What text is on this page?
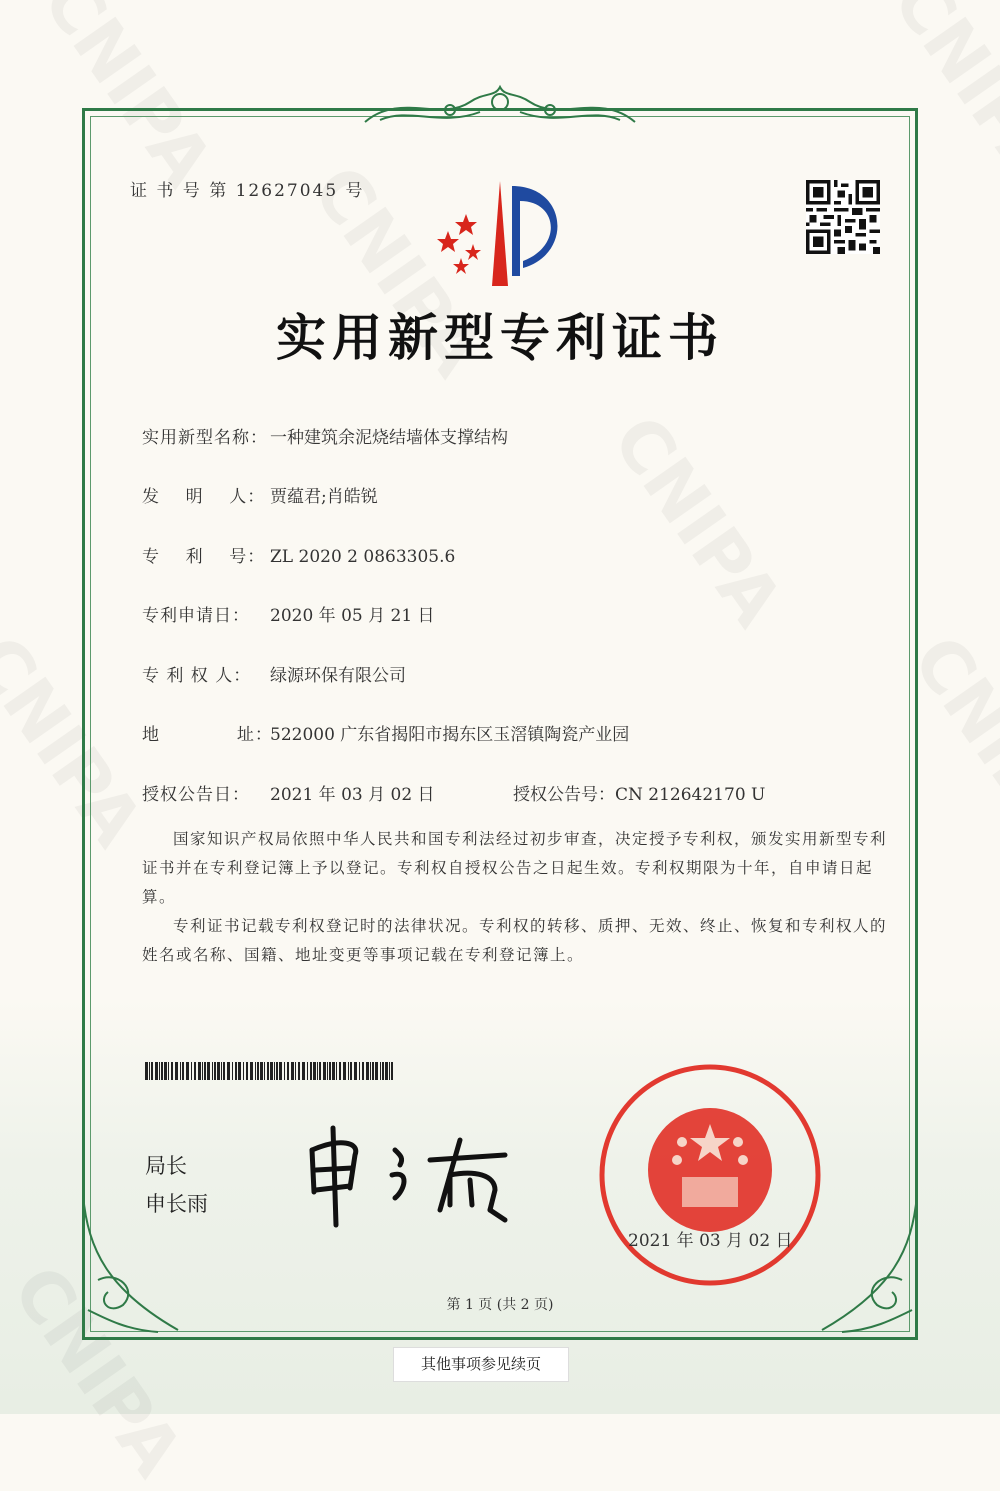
证 书 号 第 12627045 号
实用新型专利证书
实用新型名称： 一种建筑余泥烧结墙体支撑结构
发    明    人： 贾蕴君;肖皓锐
专    利    号： ZL 2020 2 0863305.6
专利申请日： 2020 年 05 月 21 日
专 利 权 人： 绿源环保有限公司
地            址：522000 广东省揭阳市揭东区玉滘镇陶瓷产业园
授权公告日： 2021 年 03 月 02 日	授权公告号：CN 212642170 U

国家知识产权局依照中华人民共和国专利法经过初步审查，决定授予专利权，颁发实用新型专利证书并在专利登记簿上予以登记。专利权自授权公告之日起生效。专利权期限为十年，自申请日起算。

专利证书记载专利权登记时的法律状况。专利权的转移、质押、无效、终止、恢复和专利权人的姓名或名称、国籍、地址变更等事项记载在专利登记簿上。

局长
申长雨
2021 年 03 月 02 日
第 1 页 (共 2 页)
其他事项参见续页
